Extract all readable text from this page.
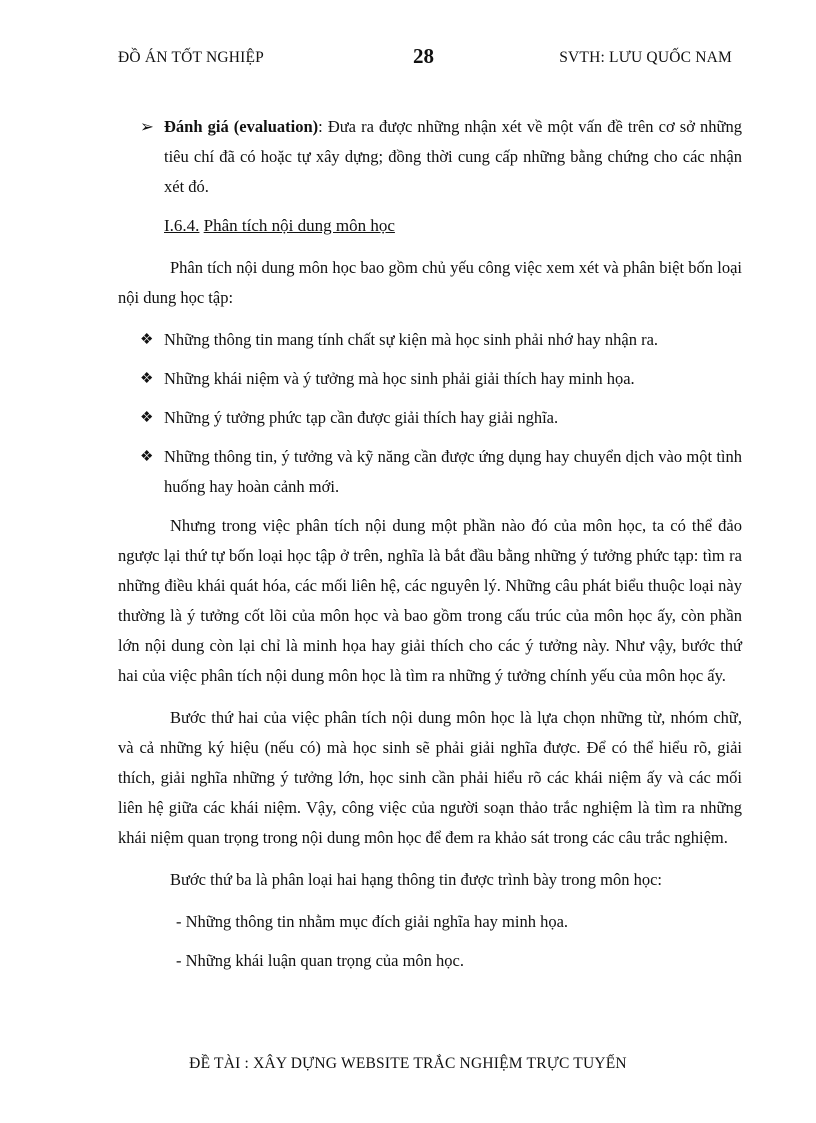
ĐỒ ÁN TỐT NGHIỆP	28	SVTH: LƯU QUỐC NAM
➢ Đánh giá (evaluation): Đưa ra được những nhận xét về một vấn đề trên cơ sở những tiêu chí đã có hoặc tự xây dựng; đồng thời cung cấp những bằng chứng cho các nhận xét đó.
I.6.4. Phân tích nội dung môn học
Phân tích nội dung môn học bao gồm chủ yếu công việc xem xét và phân biệt bốn loại nội dung học tập:
❖ Những thông tin mang tính chất sự kiện mà học sinh phải nhớ hay nhận ra.
❖ Những khái niệm và ý tưởng mà học sinh phải giải thích hay minh họa.
❖ Những ý tưởng phức tạp cần được giải thích hay giải nghĩa.
❖ Những thông tin, ý tưởng và kỹ năng cần được ứng dụng hay chuyển dịch vào một tình huống hay hoàn cảnh mới.
Nhưng trong việc phân tích nội dung một phần nào đó của môn học, ta có thể đảo ngược lại thứ tự bốn loại học tập ở trên, nghĩa là bắt đầu bằng những ý tưởng phức tạp: tìm ra những điều khái quát hóa, các mối liên hệ, các nguyên lý. Những câu phát biểu thuộc loại này thường là ý tưởng cốt lõi của môn học và bao gồm trong cấu trúc của môn học ấy, còn phần lớn nội dung còn lại chỉ là minh họa hay giải thích cho các ý tưởng này. Như vậy, bước thứ hai của việc phân tích nội dung môn học là tìm ra những ý tưởng chính yếu của môn học ấy.
Bước thứ hai của việc phân tích nội dung môn học là lựa chọn những từ, nhóm chữ, và cả những ký hiệu (nếu có) mà học sinh sẽ phải giải nghĩa được. Để có thể hiểu rõ, giải thích, giải nghĩa những ý tưởng lớn, học sinh cần phải hiểu rõ các khái niệm ấy và các mối liên hệ giữa các khái niệm. Vậy, công việc của người soạn thảo trắc nghiệm là tìm ra những khái niệm quan trọng trong nội dung môn học để đem ra khảo sát trong các câu trắc nghiệm.
Bước thứ ba là phân loại hai hạng thông tin được trình bày trong môn học:
- Những thông tin nhằm mục đích giải nghĩa hay minh họa.
- Những khái luận quan trọng của môn học.
ĐỀ TÀI : XÂY DỰNG WEBSITE TRẮC NGHIỆM TRỰC TUYẾN
